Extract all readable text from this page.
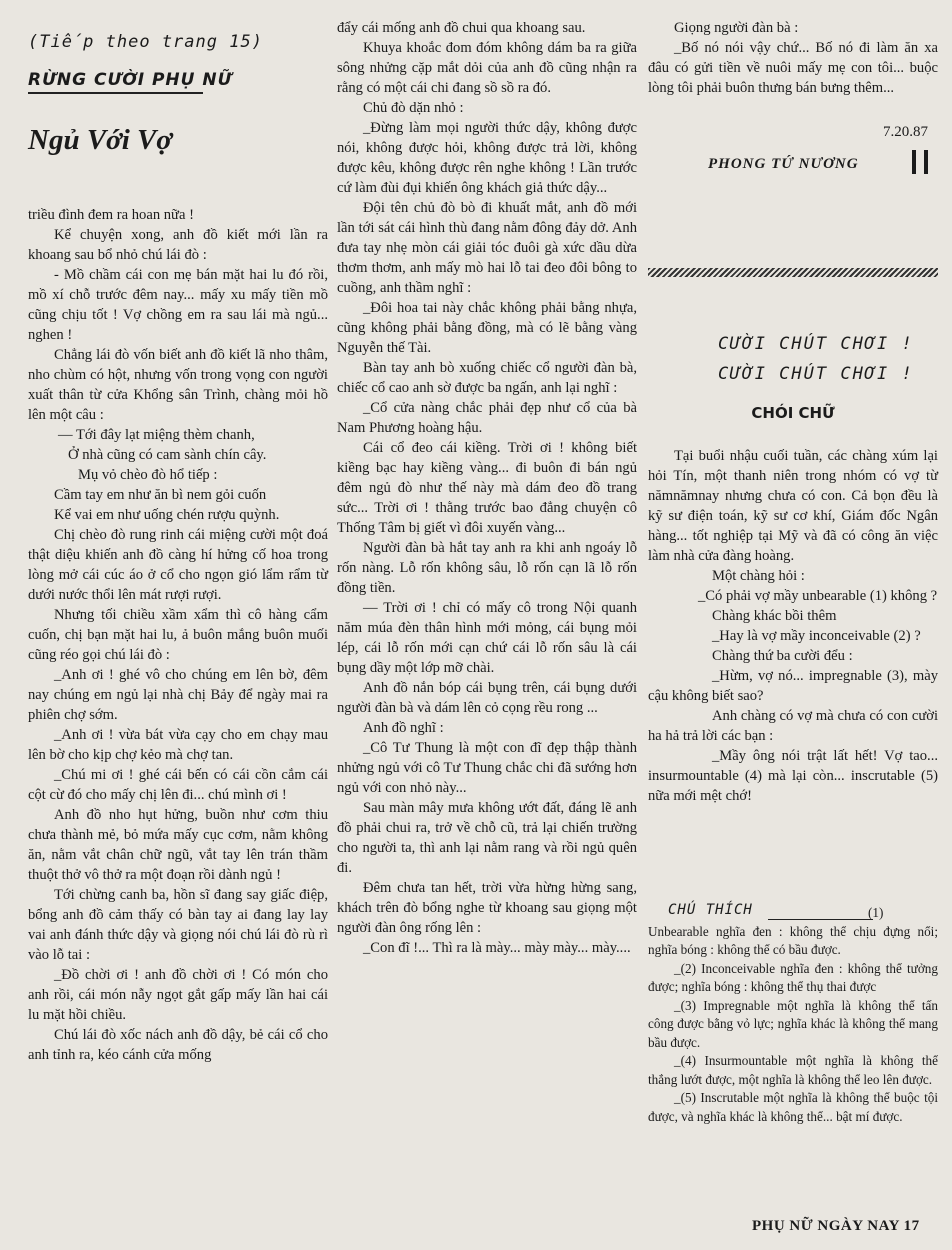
(Tiếp theo trang 15)
RỪNG CƯỜI PHỤ NỮ
Ngủ Với Vợ

triều đình đem ra hoan nữa !

Kể chuyện xong, anh đồ kiết mới lần ra khoang sau bổ nhỏ chú lái đò :

- Mồ chầm cái con mẹ bán mặt hai lu đó rồi, mồ xí chỗ trước đêm nay... mấy xu mấy tiền mồ cũng chịu tốt ! Vợ chồng em ra sau lái mà ngủ... nghen !

Chẳng lái đò vốn biết anh đồ kiết lã nho thâm, nho chùm có hột, nhưng vốn trong vọng con người xuất thân từ cửa Khổng sân Trình, chàng mỏi hồ lên một câu :

— Tới đây lạt miệng thèm chanh,

Ở nhà cũng có cam sành chín cây.

Mụ vỏ chèo đò hổ tiếp :

Cầm tay em như ăn bì nem gỏi cuốn

Kể vai em như uống chén rượu quỳnh.

Chị chèo đò rung rinh cái miệng cười một đoá thật diệu khiến anh đồ càng hí hửng cố hoa trong lòng mở cái cúc áo ở cổ cho ngọn gió lẩm rẩm từ dưới nước thổi lên mát rượi rượi.

Nhưng tối chiều xầm xẩm thì cô hàng cẩm cuốn, chị bạn mặt hai lu, ả buôn mắng buôn muối cũng réo gọi chú lái đò :

_Anh ơi ! ghé vô cho chúng em lên bờ, đêm nay chúng em ngủ lại nhà chị Bảy để ngày mai ra phiên chợ sớm.

_Anh ơi ! vừa bát vừa cạy cho em chạy mau lên bờ cho kịp chợ kẻo mà chợ tan.

_Chú mi ơi ! ghé cái bến có cái cồn cắm cái cột cừ đó cho mấy chị lên đi... chú mình ơi !

Anh đồ nho hụt hửng, buồn như cơm thiu chưa thành mẻ, bỏ mứa mấy cục cơm, nằm không ăn, nằm vắt chân chữ ngũ, vắt tay lên trán thầm thuột thở vô thở ra một đoạn rồi dành ngủ !

Tới chừng canh ba, hồn sĩ đang say giấc điệp, bổng anh đồ cảm thấy có bàn tay ai đang lay lay vai anh đánh thức dậy và giọng nói chú lái đò rù rì vào lỗ tai :

_Đồ chời ơi ! anh đồ chời ơi ! Có món cho anh rồi, cái món nẫy ngọt gắt gấp mấy lần hai cái lu mặt hồi chiều.

Chú lái đò xốc nách anh đồ dậy, bẻ cái cổ cho anh tỉnh ra, kéo cánh cửa mống

đẩy cái mống anh đồ chui qua khoang sau.

Khuya khoắc đom đóm không dám ba ra giữa sông nhửng cặp mắt dỏi của anh đồ cũng nhận ra rằng có một cái chi đang sồ sồ ra đó.

Chủ đò dặn nhỏ :

_Đừng làm mọi người thức dậy, không được nói, không được hỏi, không được trả lời, không được kêu, không được rên nghe không ! Lần trước cứ làm đùi đụi khiến ông khách giả thức dậy...

Đội tên chủ đò bò đi khuất mắt, anh đồ mới lần tới sát cái hình thù đang nằm đông đảy dở. Anh đưa tay nhẹ mòn cái giải tóc đuôi gà xức dầu dừa thơm thơm, anh mấy mò hai lỗ tai đeo đôi bông to cuồng, anh thầm nghĩ :

_Đôi hoa tai này chắc không phải bằng nhựa, cũng không phải bằng đồng, mà có lẽ bằng vàng Nguyễn thế Tài.

Bàn tay anh bò xuống chiếc cổ người đàn bà, chiếc cổ cao anh sờ được ba ngấn, anh lại nghĩ :

_Cổ cửa nàng chắc phải đẹp như cổ của bà Nam Phương hoàng hậu.

Cái cổ đeo cái kiềng. Trời ơi ! không biết kiềng bạc hay kiềng vàng... đi buôn đi bán ngủ đêm ngủ đò như thế này mà dám đeo đồ trang sức... Trời ơi ! thằng trước bao đẳng chuyện cô Thống Tâm bị giết vì đôi xuyến vàng...

Người đàn bà hắt tay anh ra khi anh ngoáy lỗ rốn nàng. Lỗ rốn không sâu, lỗ rốn cạn lã lỗ rốn đồng tiền.

— Trời ơi ! chỉ có mấy cô trong Nội quanh năm múa đèn thân hình mới mỏng, cái bụng mỏi lép, cái lỗ rốn mới cạn chứ cái lỗ rốn sâu là cái bụng dầy một lớp mỡ chài.

Anh đồ nắn bóp cái bụng trên, cái bụng dưới người đàn bà và dám lên cỏ cọng rều rong ...

Anh đồ nghĩ :

_Cô Tư Thung là một con đĩ đẹp thập thành nhửng ngủ với cô Tư Thung chắc chi đã sướng hơn ngủ với con nhỏ này...

Sau màn mây mưa không ướt đất, đáng lẽ anh đồ phải chui ra, trở về chỗ cũ, trả lại chiến trường cho người ta, thì anh lại nằm rang và rồi ngủ quên đi.

Đêm chưa tan hết, trời vừa hừng hừng sang, khách trên đò bổng nghe từ khoang sau giọng một người đàn ông rống lên :

_Con đĩ !... Thì ra là mày... mày mày... mày....

Giọng người đàn bà :

_Bố nó nói vậy chứ... Bố nó đi làm ăn xa đâu có gửi tiền về nuôi mấy mẹ con tôi... buộc lòng tôi phải buôn thưng bán bưng thêm...

7.20.87
PHONG TỨ NƯƠNG
CƯỜI CHÚT CHƠI !
CƯỜI CHÚT CHƠI !
CHÓI CHỮ

Tại buổi nhậu cuối tuần, các chàng xúm lại hỏi Tín, một thanh niên trong nhóm có vợ từ nămnămnay nhưng chưa có con. Cả bọn đều là kỹ sư điện toán, kỹ sư cơ khí, Giám đốc Ngân hàng... tốt nghiệp tại Mỹ và đã có công ăn việc làm nhà cửa đàng hoàng.

Một chàng hỏi :

_Có phải vợ mầy unbearable (1) không ?

Chàng khác bồi thêm

_Hay là vợ mầy inconceivable (2) ?

Chàng thứ ba cười đểu :

_Hừm, vợ nó... impregnable (3), mày cậu không biết sao?

Anh chàng có vợ mà chưa có con cười ha hả trả lời các bạn :

_Mầy ông nói trật lất hết! Vợ tao... insurmountable (4) mà lại còn... inscrutable (5) nữa mới mệt chớ!

CHÚ THÍCH	(1) Unbearable nghĩa đen : không thể chịu đựng nổi; nghĩa bóng : không thể có bầu được.

_(2) Inconceivable nghĩa đen : không thể tưởng được; nghĩa bóng : không thể thụ thai được

_(3) Impregnable một nghĩa là không thể tấn công được bằng vỏ lực; nghĩa khác là không thể mang bầu được.

_(4) Insurmountable một nghĩa là không thể thắng lướt được, một nghĩa là không thể leo lên được.

_(5) Inscrutable một nghĩa là không thể buộc tội được, và nghĩa khác là không thể... bật mí được.

PHỤ NỮ NGÀY NAY 17
